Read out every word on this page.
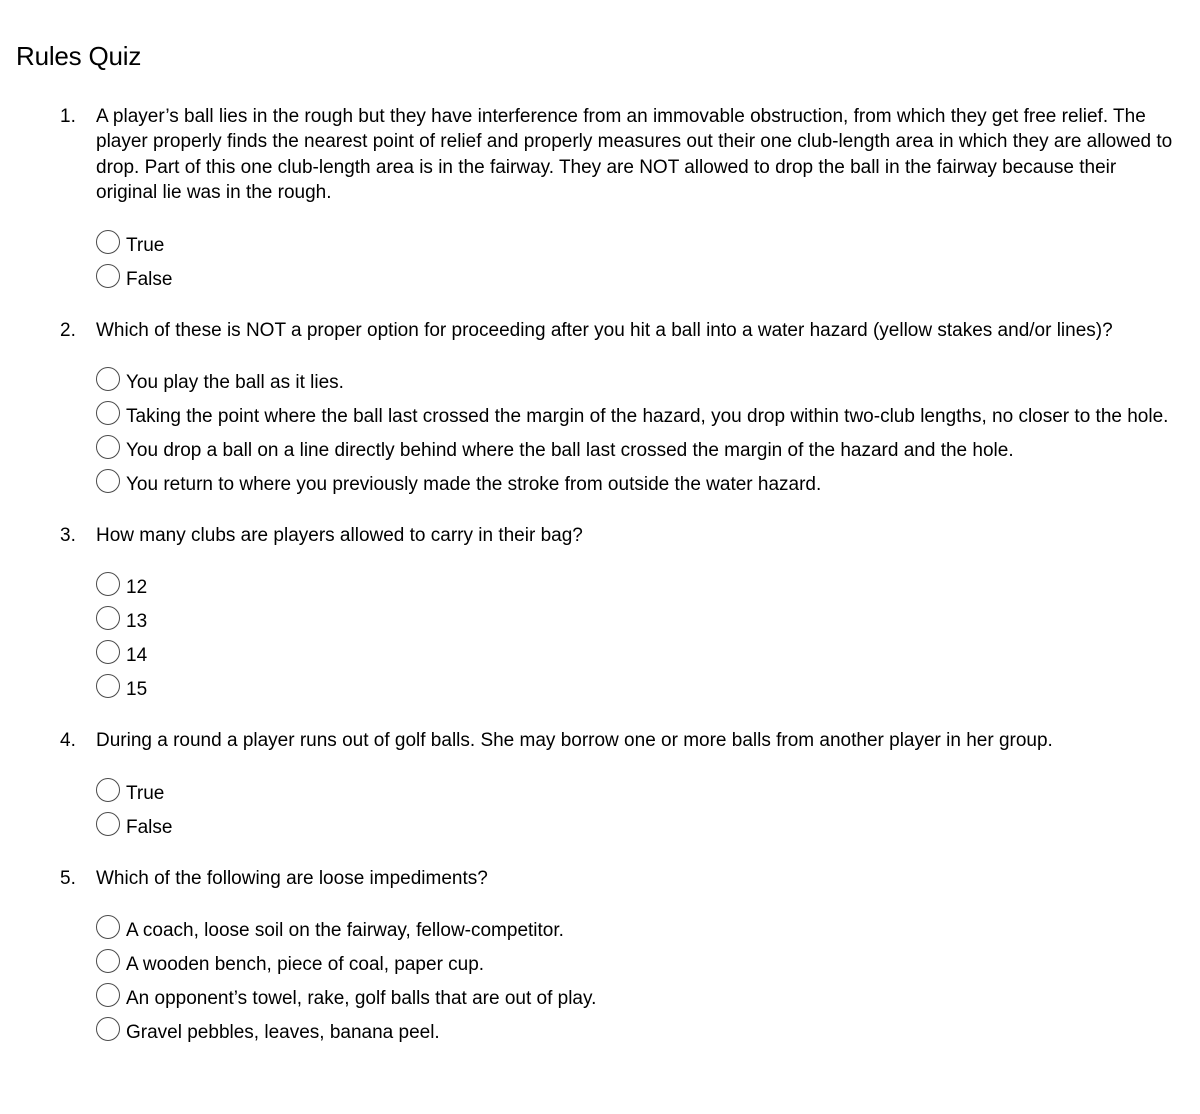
Rules Quiz
1. A player’s ball lies in the rough but they have interference from an immovable obstruction, from which they get free relief. The player properly finds the nearest point of relief and properly measures out their one club-length area in which they are allowed to drop. Part of this one club-length area is in the fairway. They are NOT allowed to drop the ball in the fairway because their original lie was in the rough.
True
False
2. Which of these is NOT a proper option for proceeding after you hit a ball into a water hazard (yellow stakes and/or lines)?
You play the ball as it lies.
Taking the point where the ball last crossed the margin of the hazard, you drop within two-club lengths, no closer to the hole.
You drop a ball on a line directly behind where the ball last crossed the margin of the hazard and the hole.
You return to where you previously made the stroke from outside the water hazard.
3. How many clubs are players allowed to carry in their bag?
12
13
14
15
4. During a round a player runs out of golf balls. She may borrow one or more balls from another player in her group.
True
False
5. Which of the following are loose impediments?
A coach, loose soil on the fairway, fellow-competitor.
A wooden bench, piece of coal, paper cup.
An opponent’s towel, rake, golf balls that are out of play.
Gravel pebbles, leaves, banana peel.
